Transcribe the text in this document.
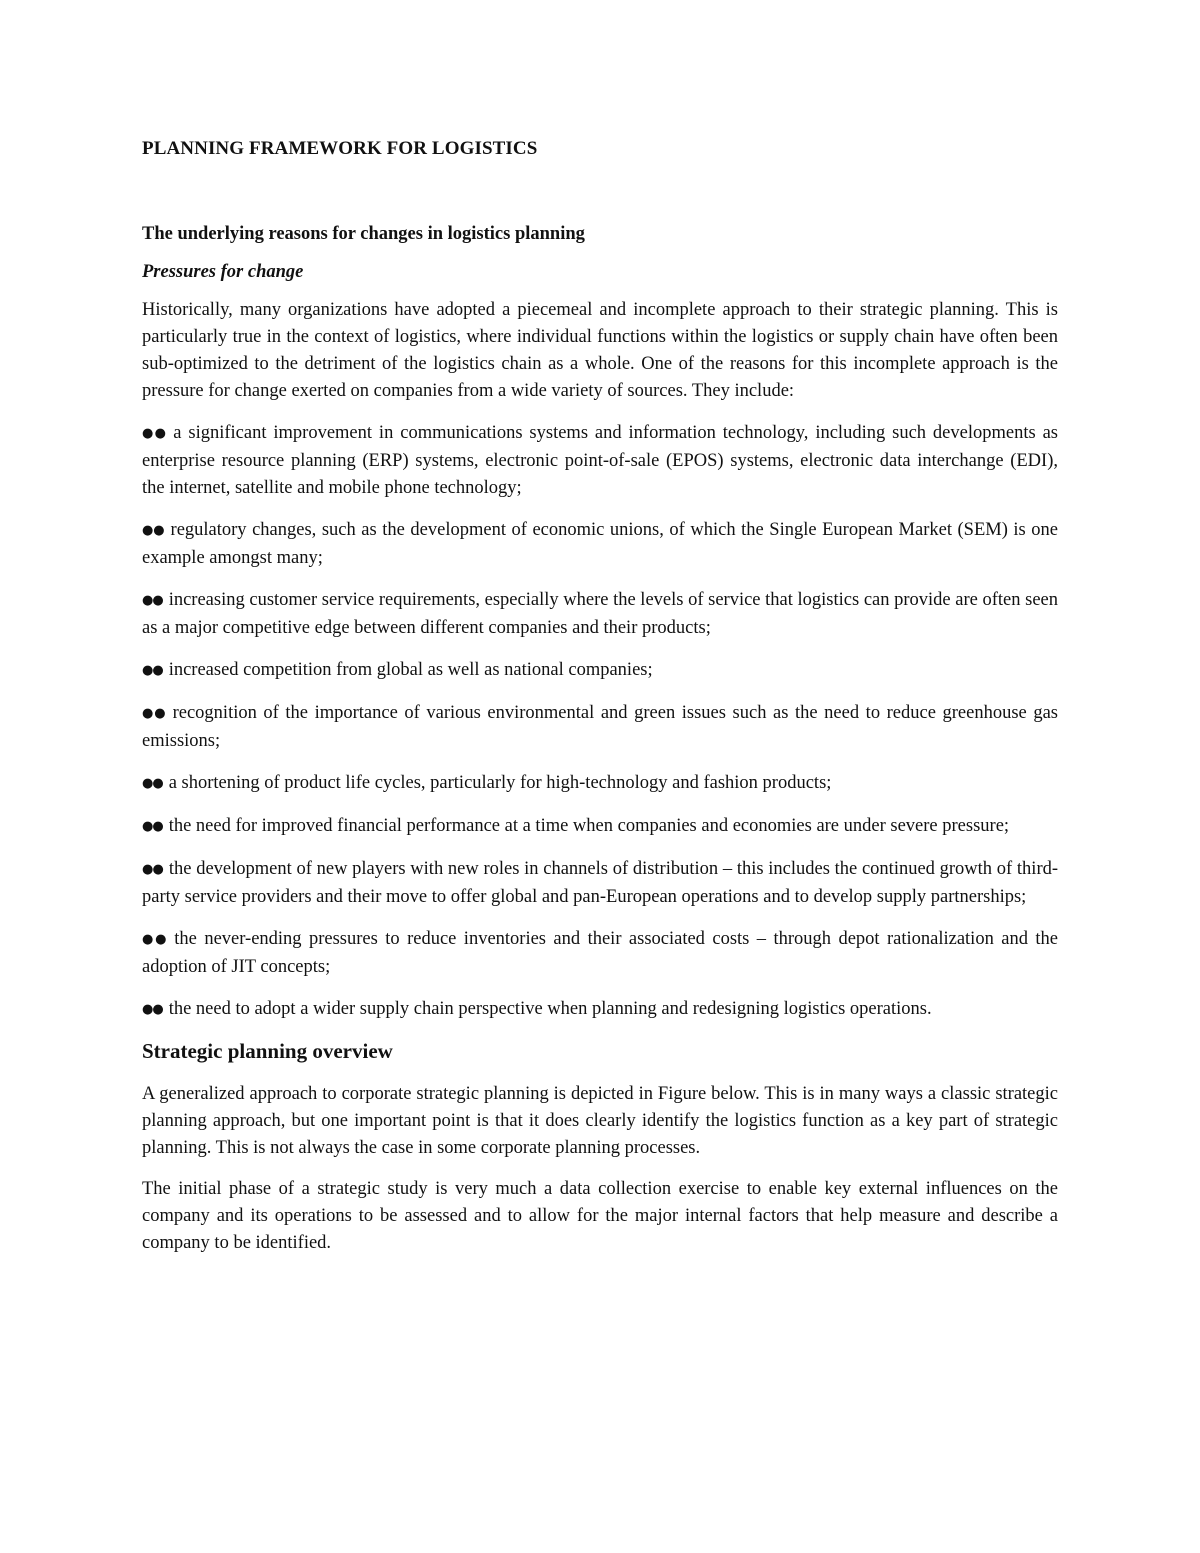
PLANNING FRAMEWORK FOR LOGISTICS
The underlying reasons for changes in logistics planning
Pressures for change

Historically, many organizations have adopted a piecemeal and incomplete approach to their strategic planning. This is particularly true in the context of logistics, where individual functions within the logistics or supply chain have often been sub-optimized to the detriment of the logistics chain as a whole. One of the reasons for this incomplete approach is the pressure for change exerted on companies from a wide variety of sources. They include:

●● a significant improvement in communications systems and information technology, including such developments as enterprise resource planning (ERP) systems, electronic point-of-sale (EPOS) systems, electronic data interchange (EDI), the internet, satellite and mobile phone technology;
●● regulatory changes, such as the development of economic unions, of which the Single European Market (SEM) is one example amongst many;
●● increasing customer service requirements, especially where the levels of service that logistics can provide are often seen as a major competitive edge between different companies and their products;
●● increased competition from global as well as national companies;
●● recognition of the importance of various environmental and green issues such as the need to reduce greenhouse gas emissions;
●● a shortening of product life cycles, particularly for high-technology and fashion products;
●● the need for improved financial performance at a time when companies and economies are under severe pressure;
●● the development of new players with new roles in channels of distribution – this includes the continued growth of third-party service providers and their move to offer global and pan-European operations and to develop supply partnerships;
●● the never-ending pressures to reduce inventories and their associated costs – through depot rationalization and the adoption of JIT concepts;
●● the need to adopt a wider supply chain perspective when planning and redesigning logistics operations.
Strategic planning overview

A generalized approach to corporate strategic planning is depicted in Figure below. This is in many ways a classic strategic planning approach, but one important point is that it does clearly identify the logistics function as a key part of strategic planning. This is not always the case in some corporate planning processes.

The initial phase of a strategic study is very much a data collection exercise to enable key external influences on the company and its operations to be assessed and to allow for the major internal factors that help measure and describe a company to be identified.
